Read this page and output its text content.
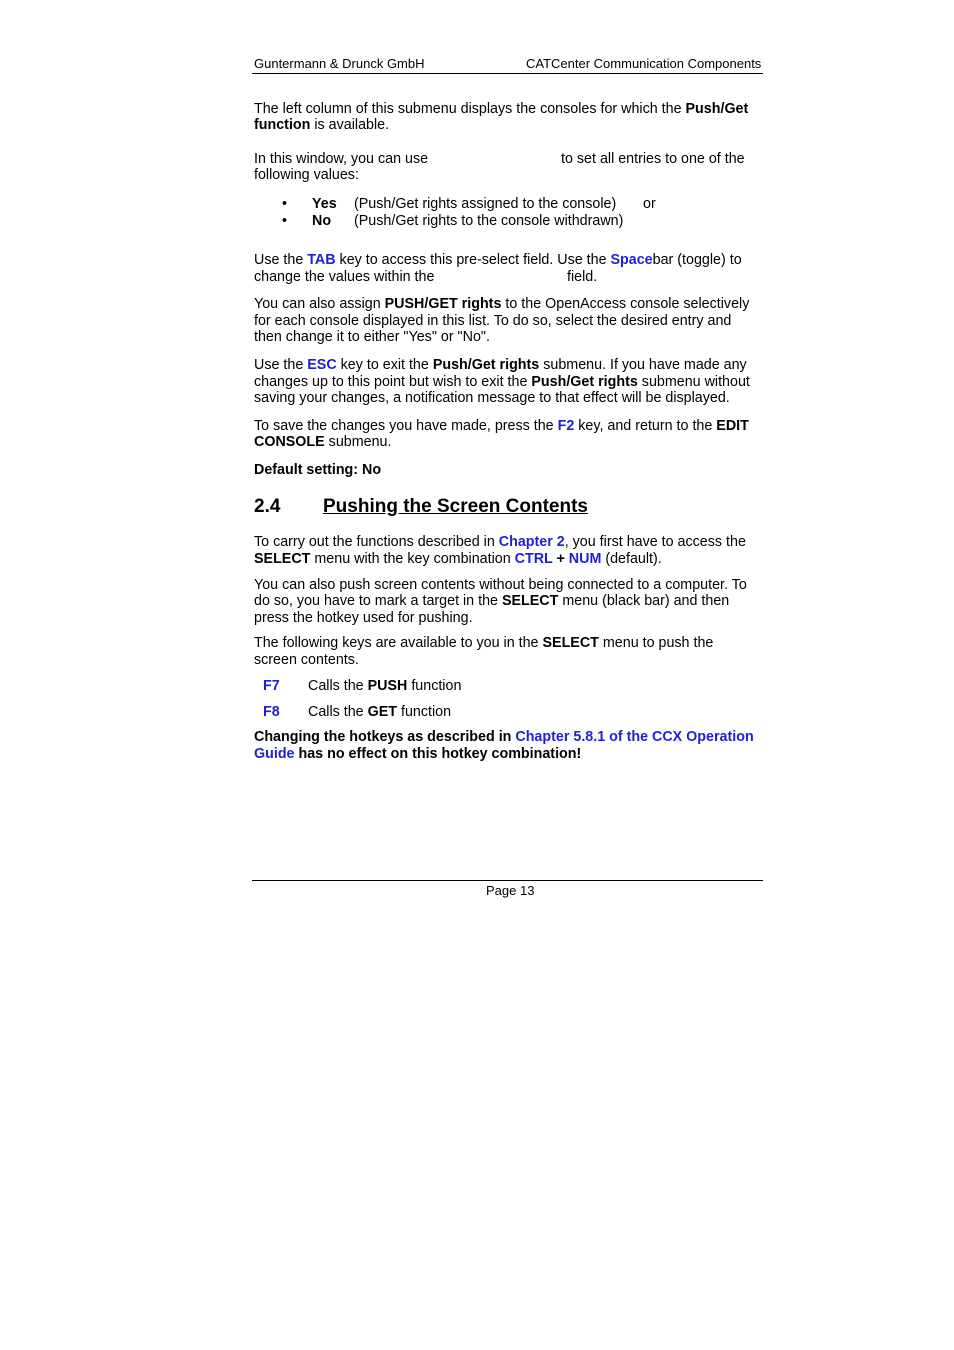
Guntermann & Drunck GmbH	CATCenter Communication Components
The left column of this submenu displays the consoles for which the Push/Get
function is available.
In this window, you can use	to set all entries to one of the
following values:
• Yes (Push/Get rights assigned to the console) or
• No (Push/Get rights to the console withdrawn)
Use the TAB key to access this pre-select field. Use the Spacebar (toggle) to
change the values within the	field.
You can also assign PUSH/GET rights to the OpenAccess console selectively
for each console displayed in this list. To do so, select the desired entry and
then change it to either "Yes" or "No".
Use the ESC key to exit the Push/Get rights submenu. If you have made any
changes up to this point but wish to exit the Push/Get rights submenu without
saving your changes, a notification message to that effect will be displayed.
To save the changes you have made, press the F2 key, and return to the EDIT
CONSOLE submenu.
Default setting: No
2.4 Pushing the Screen Contents
To carry out the functions described in Chapter 2, you first have to access the
SELECT menu with the key combination CTRL + NUM (default).
You can also push screen contents without being connected to a computer. To
do so, you have to mark a target in the SELECT menu (black bar) and then
press the hotkey used for pushing.
The following keys are available to you in the SELECT menu to push the
screen contents.
F7 Calls the PUSH function
F8 Calls the GET function
Changing the hotkeys as described in Chapter 5.8.1 of the CCX Operation
Guide has no effect on this hotkey combination!
Page 13
